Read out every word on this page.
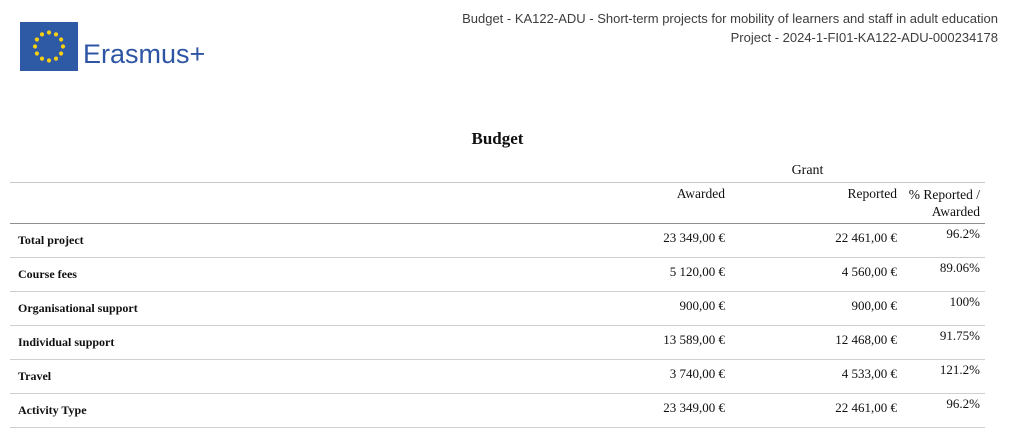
Erasmus+
Budget - KA122-ADU - Short-term projects for mobility of learners and staff in adult education
Project - 2024-1-FI01-KA122-ADU-000234178
Budget
	Grant		
	Awarded	Reported	% Reported /
Awarded

Total project	23 349,00 €	22 461,00 €	96.2%
Course fees	5 120,00 €	4 560,00 €	89.06%
Organisational support	900,00 €	900,00 €	100%
Individual support	13 589,00 €	12 468,00 €	91.75%
Travel	3 740,00 €	4 533,00 €	121.2%
Activity Type	23 349,00 €	22 461,00 €	96.2%
